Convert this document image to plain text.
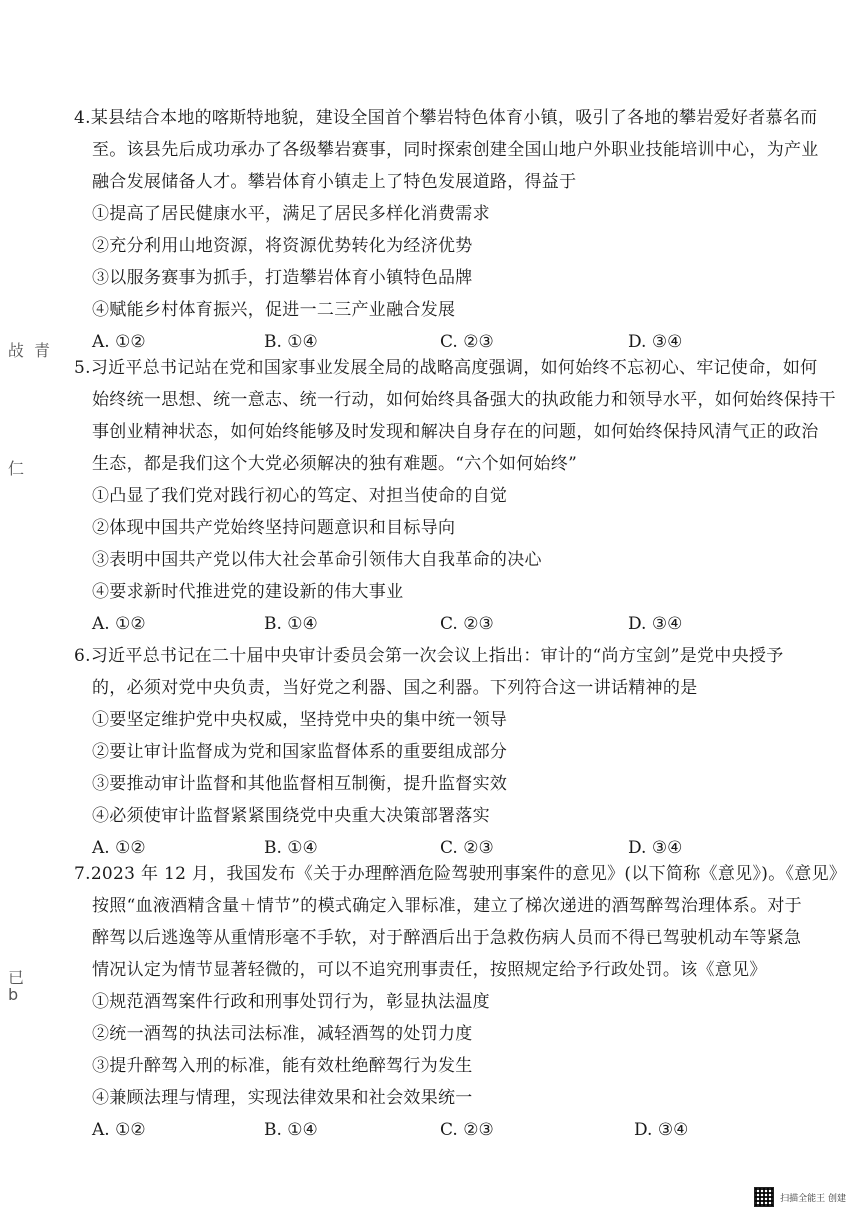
敁 青
仁
已
b
4.某县结合本地的喀斯特地貌，建设全国首个攀岩特色体育小镇，吸引了各地的攀岩爱好者慕名而
至。该县先后成功承办了各级攀岩赛事，同时探索创建全国山地户外职业技能培训中心，为产业
融合发展储备人才。攀岩体育小镇走上了特色发展道路，得益于
①提高了居民健康水平，满足了居民多样化消费需求
②充分利用山地资源，将资源优势转化为经济优势
③以服务赛事为抓手，打造攀岩体育小镇特色品牌
④赋能乡村体育振兴，促进一二三产业融合发展
A. ①②	B. ①④	C. ②③	D. ③④
5.习近平总书记站在党和国家事业发展全局的战略高度强调，如何始终不忘初心、牢记使命，如何
始终统一思想、统一意志、统一行动，如何始终具备强大的执政能力和领导水平，如何始终保持干
事创业精神状态，如何始终能够及时发现和解决自身存在的问题，如何始终保持风清气正的政治
生态，都是我们这个大党必须解决的独有难题。“六个如何始终”
①凸显了我们党对践行初心的笃定、对担当使命的自觉
②体现中国共产党始终坚持问题意识和目标导向
③表明中国共产党以伟大社会革命引领伟大自我革命的决心
④要求新时代推进党的建设新的伟大事业
A. ①②	B. ①④	C. ②③	D. ③④
6.习近平总书记在二十届中央审计委员会第一次会议上指出：审计的“尚方宝剑”是党中央授予
的，必须对党中央负责，当好党之利器、国之利器。下列符合这一讲话精神的是
①要坚定维护党中央权威，坚持党中央的集中统一领导
②要让审计监督成为党和国家监督体系的重要组成部分
③要推动审计监督和其他监督相互制衡，提升监督实效
④必须使审计监督紧紧围绕党中央重大决策部署落实
A. ①②	B. ①④	C. ②③	D. ③④
7.2023 年 12 月，我国发布《关于办理醉酒危险驾驶刑事案件的意见》(以下简称《意见》)。《意见》
按照“血液酒精含量＋情节”的模式确定入罪标准，建立了梯次递进的酒驾醉驾治理体系。对于
醉驾以后逃逸等从重情形毫不手软，对于醉酒后出于急救伤病人员而不得已驾驶机动车等紧急
情况认定为情节显著轻微的，可以不追究刑事责任，按照规定给予行政处罚。该《意见》
①规范酒驾案件行政和刑事处罚行为，彰显执法温度
②统一酒驾的执法司法标准，减轻酒驾的处罚力度
③提升醉驾入刑的标准，能有效杜绝醉驾行为发生
④兼顾法理与情理，实现法律效果和社会效果统一
A. ①②	B. ①④	C. ②③	D. ③④
扫描全能王 创建
